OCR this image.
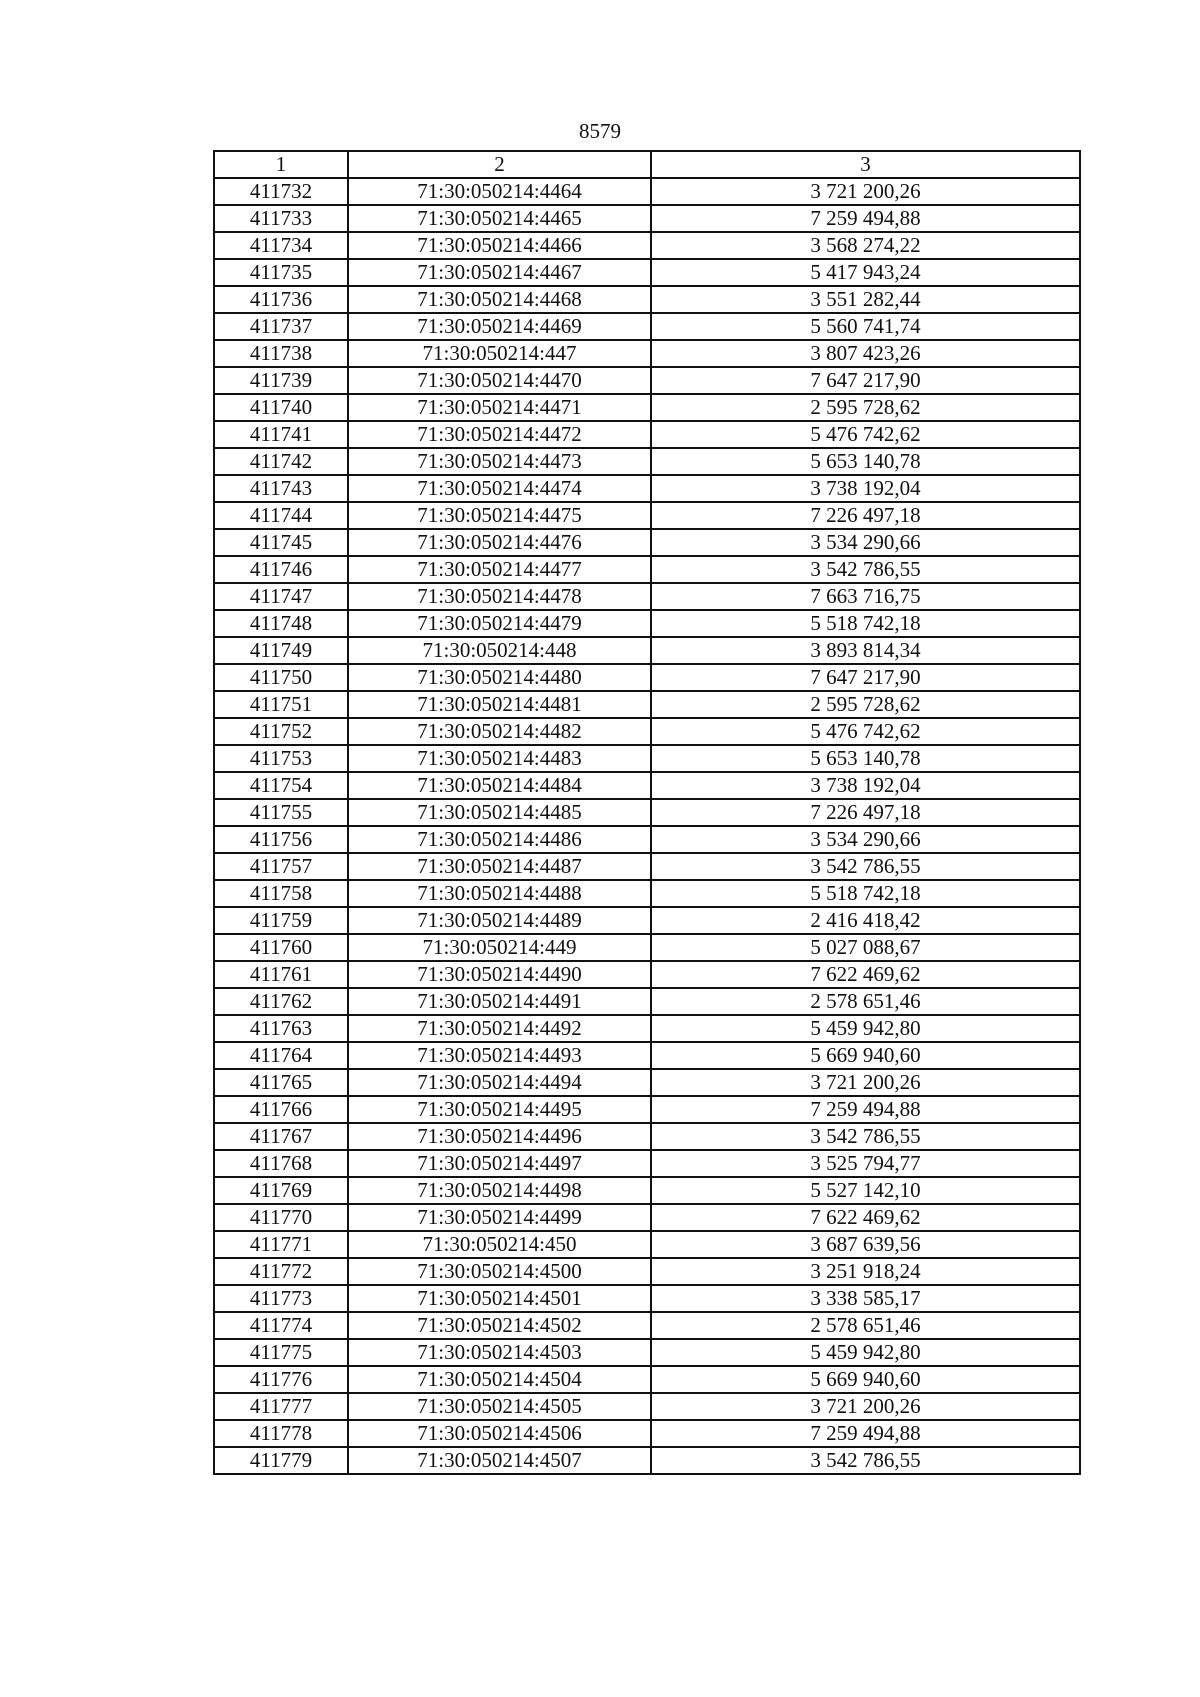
8579
1	2	3
411732	71:30:050214:4464	3 721 200,26
411733	71:30:050214:4465	7 259 494,88
411734	71:30:050214:4466	3 568 274,22
411735	71:30:050214:4467	5 417 943,24
411736	71:30:050214:4468	3 551 282,44
411737	71:30:050214:4469	5 560 741,74
411738	71:30:050214:447	3 807 423,26
411739	71:30:050214:4470	7 647 217,90
411740	71:30:050214:4471	2 595 728,62
411741	71:30:050214:4472	5 476 742,62
411742	71:30:050214:4473	5 653 140,78
411743	71:30:050214:4474	3 738 192,04
411744	71:30:050214:4475	7 226 497,18
411745	71:30:050214:4476	3 534 290,66
411746	71:30:050214:4477	3 542 786,55
411747	71:30:050214:4478	7 663 716,75
411748	71:30:050214:4479	5 518 742,18
411749	71:30:050214:448	3 893 814,34
411750	71:30:050214:4480	7 647 217,90
411751	71:30:050214:4481	2 595 728,62
411752	71:30:050214:4482	5 476 742,62
411753	71:30:050214:4483	5 653 140,78
411754	71:30:050214:4484	3 738 192,04
411755	71:30:050214:4485	7 226 497,18
411756	71:30:050214:4486	3 534 290,66
411757	71:30:050214:4487	3 542 786,55
411758	71:30:050214:4488	5 518 742,18
411759	71:30:050214:4489	2 416 418,42
411760	71:30:050214:449	5 027 088,67
411761	71:30:050214:4490	7 622 469,62
411762	71:30:050214:4491	2 578 651,46
411763	71:30:050214:4492	5 459 942,80
411764	71:30:050214:4493	5 669 940,60
411765	71:30:050214:4494	3 721 200,26
411766	71:30:050214:4495	7 259 494,88
411767	71:30:050214:4496	3 542 786,55
411768	71:30:050214:4497	3 525 794,77
411769	71:30:050214:4498	5 527 142,10
411770	71:30:050214:4499	7 622 469,62
411771	71:30:050214:450	3 687 639,56
411772	71:30:050214:4500	3 251 918,24
411773	71:30:050214:4501	3 338 585,17
411774	71:30:050214:4502	2 578 651,46
411775	71:30:050214:4503	5 459 942,80
411776	71:30:050214:4504	5 669 940,60
411777	71:30:050214:4505	3 721 200,26
411778	71:30:050214:4506	7 259 494,88
411779	71:30:050214:4507	3 542 786,55
